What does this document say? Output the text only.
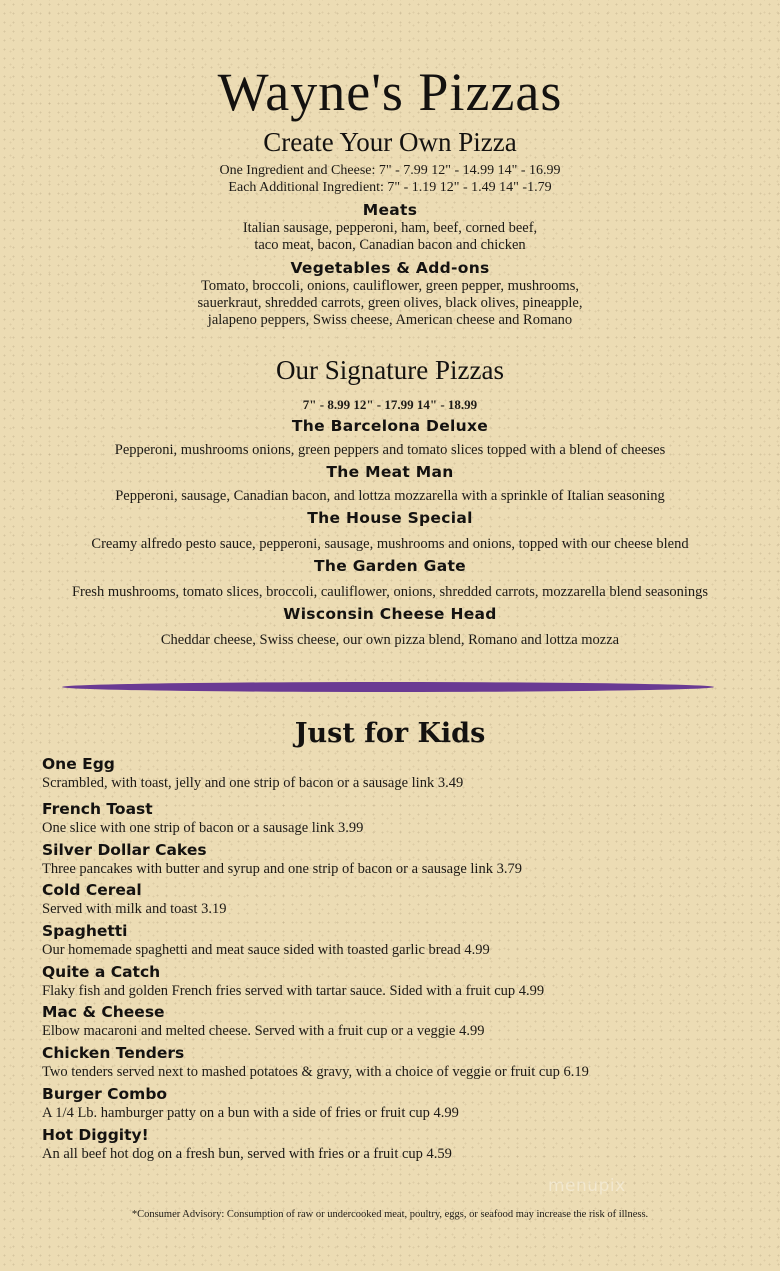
Wayne's Pizzas
Create Your Own Pizza
One Ingredient and Cheese: 7" - 7.99 12" - 14.99 14" - 16.99
Each Additional Ingredient: 7" - 1.19 12" - 1.49 14" -1.79
Meats
Italian sausage, pepperoni, ham, beef, corned beef,
taco meat, bacon, Canadian bacon and chicken
Vegetables & Add-ons
Tomato, broccoli, onions, cauliflower, green pepper, mushrooms,
sauerkraut, shredded carrots, green olives, black olives, pineapple,
jalapeno peppers, Swiss cheese, American cheese and Romano
Our Signature Pizzas
7" - 8.99 12" - 17.99 14" - 18.99
The Barcelona Deluxe
Pepperoni, mushrooms onions, green peppers and tomato slices topped with a blend of cheeses
The Meat Man
Pepperoni, sausage, Canadian bacon, and lottza mozzarella with a sprinkle of Italian seasoning
The House Special
Creamy alfredo pesto sauce, pepperoni, sausage, mushrooms and onions, topped with our cheese blend
The Garden Gate
Fresh mushrooms, tomato slices, broccoli, cauliflower, onions, shredded carrots, mozzarella blend seasonings
Wisconsin Cheese Head
Cheddar cheese, Swiss cheese, our own pizza blend, Romano and lottza mozza
Just for Kids
One Egg
Scrambled, with toast, jelly and one strip of bacon or a sausage link 3.49
French Toast
One slice with one strip of bacon or a sausage link 3.99
Silver Dollar Cakes
Three pancakes with butter and syrup and one strip of bacon or a sausage link 3.79
Cold Cereal
Served with milk and toast 3.19
Spaghetti
Our homemade spaghetti and meat sauce sided with toasted garlic bread 4.99
Quite a Catch
Flaky fish and golden French fries served with tartar sauce. Sided with a fruit cup 4.99
Mac & Cheese
Elbow macaroni and melted cheese. Served with a fruit cup or a veggie 4.99
Chicken Tenders
Two tenders served next to mashed potatoes & gravy, with a choice of veggie or fruit cup 6.19
Burger Combo
A 1/4 Lb. hamburger patty on a bun with a side of fries or fruit cup 4.99
Hot Diggity!
An all beef hot dog on a fresh bun, served with fries or a fruit cup 4.59
menupix
*Consumer Advisory: Consumption of raw or undercooked meat, poultry, eggs, or seafood may increase the risk of illness.
